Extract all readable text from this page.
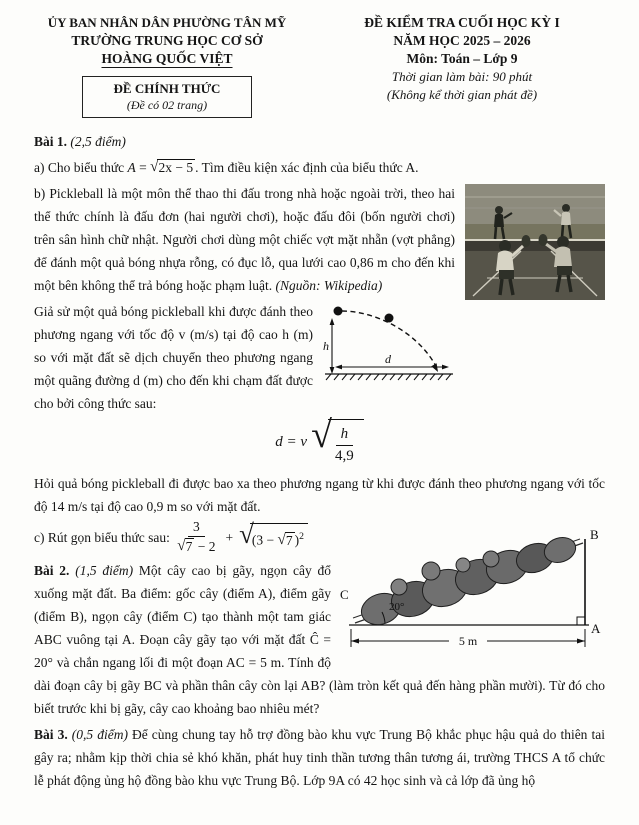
ỦY BAN NHÂN DÂN PHƯỜNG TÂN MỸ
TRƯỜNG TRUNG HỌC CƠ SỞ
HOÀNG QUỐC VIỆT
ĐỀ CHÍNH THỨC
(Đề có 02 trang)
ĐỀ KIỂM TRA CUỐI HỌC KỲ I
NĂM HỌC 2025 – 2026
Môn: Toán – Lớp 9
Thời gian làm bài: 90 phút
(Không kể thời gian phát đề)

Bài 1. (2,5 điểm)

a) Cho biểu thức A = √2x − 5 . Tìm điều kiện xác định của biểu thức A.

b) Pickleball là một môn thể thao thi đấu trong nhà hoặc ngoài trời, theo hai thể thức chính là đấu đơn (hai người chơi), hoặc đấu đôi (bốn người chơi) trên sân hình chữ nhật. Người chơi dùng một chiếc vợt mặt nhẵn (vợt phẳng) để đánh một quả bóng nhựa rỗng, có đục lỗ, qua lưới cao 0,86 m cho đến khi một bên không thể trả bóng hoặc phạm luật. (Nguồn: Wikipedia)
h
d
Giả sử một quả bóng pickleball khi được đánh theo phương ngang với tốc độ v (m/s) tại độ cao h (m) so với mặt đất sẽ dịch chuyển theo phương ngang một quãng đường d (m) cho đến khi chạm đất được cho bởi công thức sau:
d = v √ $\frac{h}{4,9}$

Hỏi quả bóng pickleball đi được bao xa theo phương ngang từ khi được đánh theo phương ngang với tốc độ 14 m/s tại độ cao 0,9 m so với mặt đất.

20°
C
B
A
5 m
c) Rút gọn biểu thức sau: $\frac{3}{√7 - 2}$ + √
(3 − √7 )$^2$
Bài 2. (1,5 điểm) Một cây cao bị gãy, ngọn cây đổ xuống mặt đất. Ba điểm: gốc cây (điểm A), điểm gãy (điểm B), ngọn cây (điểm C) tạo thành một tam giác ABC vuông tại A. Đoạn cây gãy tạo với mặt đất Ĉ = 20° và chắn ngang lối đi một đoạn AC = 5 m. Tính độ dài đoạn cây bị gãy BC và phần thân cây còn lại AB? (làm tròn kết quả đến hàng phần mười). Từ đó cho biết trước khi bị gãy, cây cao khoảng bao nhiêu mét?
Bài 3. (0,5 điểm) Để cùng chung tay hỗ trợ đồng bào khu vực Trung Bộ khắc phục hậu quả do thiên tai gây ra; nhằm kịp thời chia sẻ khó khăn, phát huy tinh thần tương thân tương ái, trường THCS A tổ chức lễ phát động ủng hộ đồng bào khu vực Trung Bộ. Lớp 9A có 42 học sinh và cả lớp đã ủng hộ
